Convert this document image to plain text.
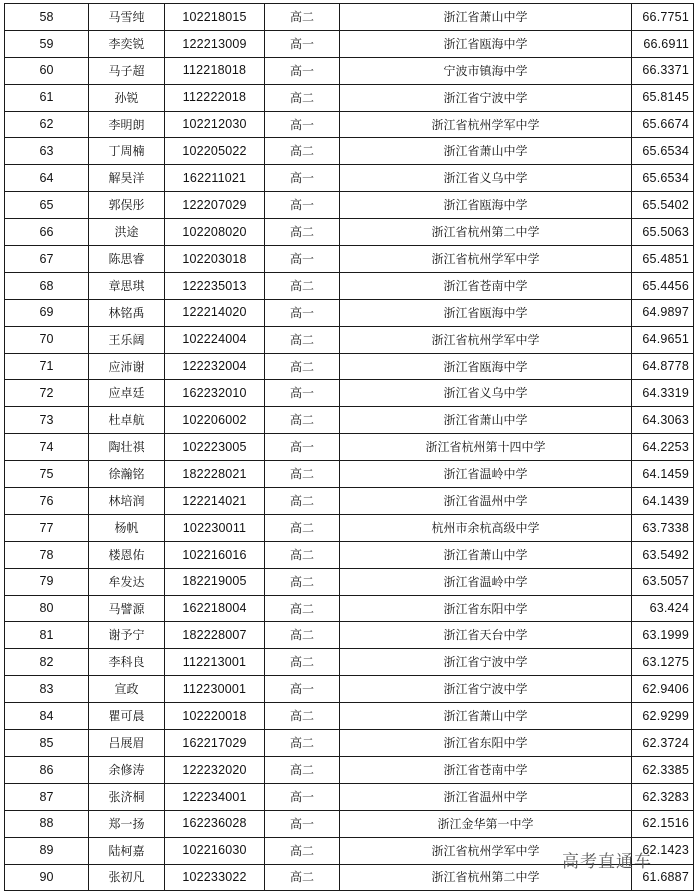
58	马雪纯	102218015	高二	浙江省萧山中学	66.7751
59	李奕锐	122213009	高一	浙江省瓯海中学	66.6911
60	马子超	112218018	高一	宁波市镇海中学	66.3371
61	孙锐	112222018	高二	浙江省宁波中学	65.8145
62	李明朗	102212030	高一	浙江省杭州学军中学	65.6674
63	丁周楠	102205022	高二	浙江省萧山中学	65.6534
64	解昊洋	162211021	高一	浙江省义乌中学	65.6534
65	郭俣彤	122207029	高一	浙江省瓯海中学	65.5402
66	洪途	102208020	高二	浙江省杭州第二中学	65.5063
67	陈思睿	102203018	高一	浙江省杭州学军中学	65.4851
68	章思琪	122235013	高二	浙江省苍南中学	65.4456
69	林铭禹	122214020	高一	浙江省瓯海中学	64.9897
70	王乐阔	102224004	高二	浙江省杭州学军中学	64.9651
71	应沛谢	122232004	高二	浙江省瓯海中学	64.8778
72	应卓廷	162232010	高一	浙江省义乌中学	64.3319
73	杜卓航	102206002	高二	浙江省萧山中学	64.3063
74	陶壮祺	102223005	高一	浙江省杭州第十四中学	64.2253
75	徐瀚铭	182228021	高二	浙江省温岭中学	64.1459
76	林培润	122214021	高二	浙江省温州中学	64.1439
77	杨帆	102230011	高二	杭州市余杭高级中学	63.7338
78	楼恩佑	102216016	高二	浙江省萧山中学	63.5492
79	牟发达	182219005	高二	浙江省温岭中学	63.5057
80	马譬源	162218004	高二	浙江省东阳中学	63.424
81	谢予宁	182228007	高二	浙江省天台中学	63.1999
82	李科良	112213001	高二	浙江省宁波中学	63.1275
83	宣政	112230001	高一	浙江省宁波中学	62.9406
84	瞿可晨	102220018	高二	浙江省萧山中学	62.9299
85	吕展眉	162217029	高二	浙江省东阳中学	62.3724
86	余修涛	122232020	高二	浙江省苍南中学	62.3385
87	张济桐	122234001	高一	浙江省温州中学	62.3283
88	郑一扬	162236028	高一	浙江金华第一中学	62.1516
89	陆柯嘉	102216030	高二	浙江省杭州学军中学	62.1423
90	张初凡	102233022	高二	浙江省杭州第二中学	61.6887
高考直通车
